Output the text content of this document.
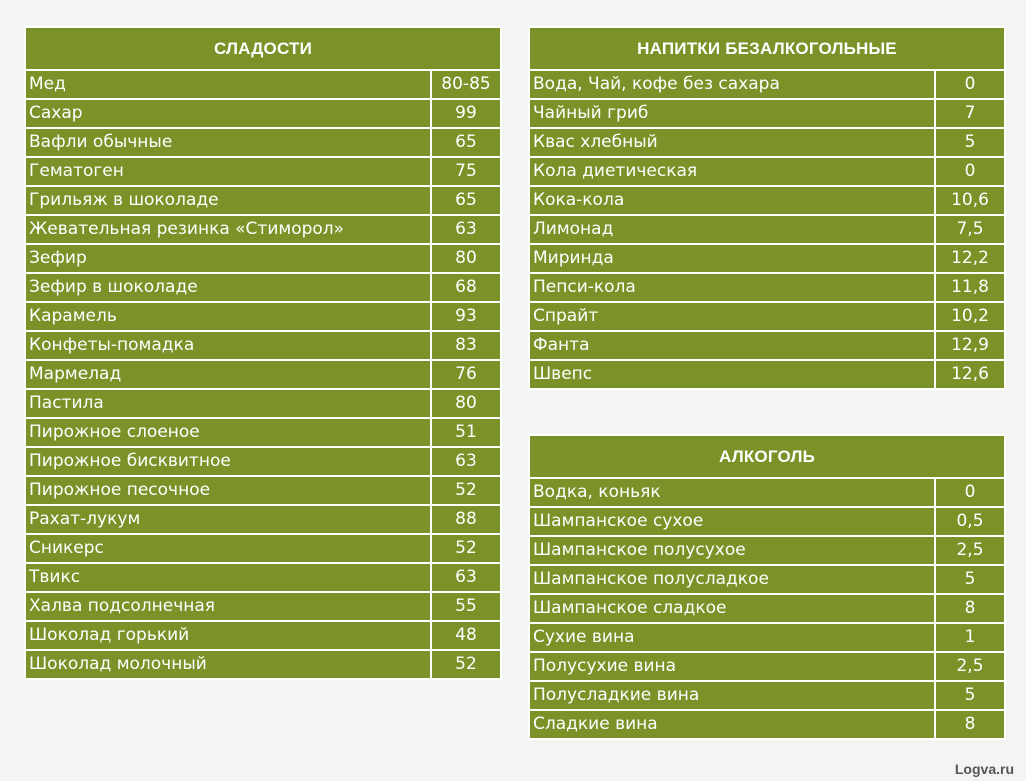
СЛАДОСТИ	
Мед	80-85
Сахар	99
Вафли обычные	65
Гематоген	75
Грильяж в шоколаде	65
Жевательная резинка «Стиморол»	63
Зефир	80
Зефир в шоколаде	68
Карамель	93
Конфеты-помадка	83
Мармелад	76
Пастила	80
Пирожное слоеное	51
Пирожное бисквитное	63
Пирожное песочное	52
Рахат-лукум	88
Сникерс	52
Твикс	63
Халва подсолнечная	55
Шоколад горький	48
Шоколад молочный	52
НАПИТКИ БЕЗАЛКОГОЛЬНЫЕ	
Вода, Чай, кофе без сахара	0
Чайный гриб	7
Квас хлебный	5
Кола диетическая	0
Кока-кола	10,6
Лимонад	7,5
Миринда	12,2
Пепси-кола	11,8
Спрайт	10,2
Фанта	12,9
Швепс	12,6
АЛКОГОЛЬ	
Водка, коньяк	0
Шампанское сухое	0,5
Шампанское полусухое	2,5
Шампанское полусладкое	5
Шампанское сладкое	8
Сухие вина	1
Полусухие вина	2,5
Полусладкие вина	5
Сладкие вина	8
Logva.ru
